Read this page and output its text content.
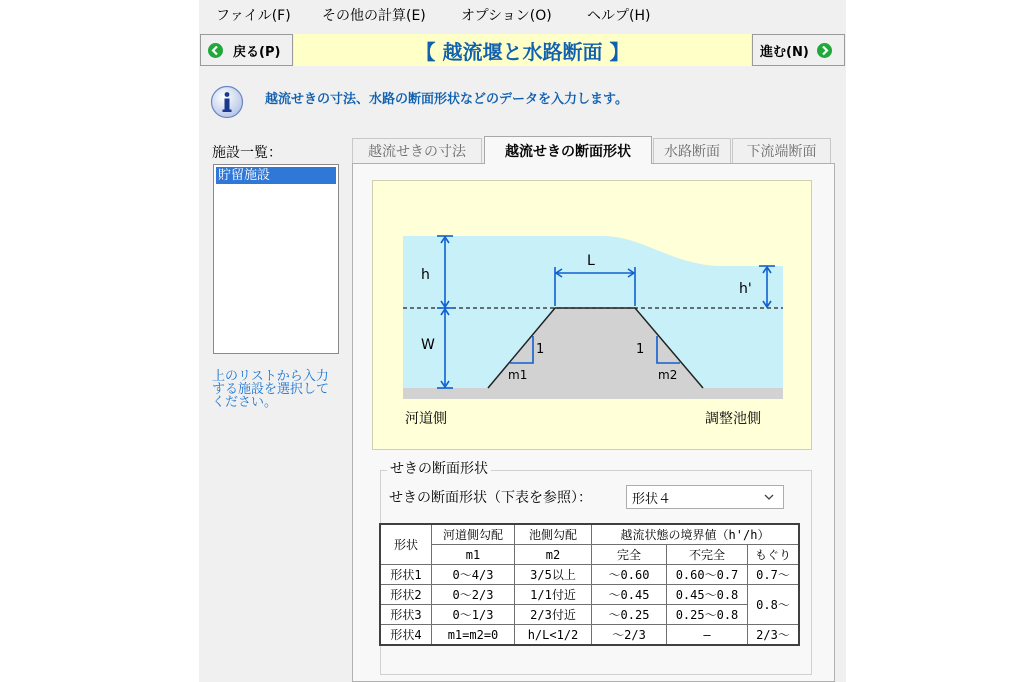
ファイル(F) その他の計算(E)	オプション(O)	ヘルプ(H)
戻る(P)	【 越流堰と水路断面 】	進む(N)
越流せきの寸法、水路の断面形状などのデータを入力します。
施設一覧：
貯留施設
上のリストから入力する施設を選択してください。
越流せきの寸法	越流せきの断面形状	水路断面	下流端断面
h
W
L
h'
1	1
m1	m2
河道側	調整池側
せきの断面形状
せきの断面形状（下表を参照）：	形状４
形状	河道側勾配	池側勾配	越流状態の境界値（h'/h）		
	m1	m2	完全	不完全	もぐり
形状1	0〜4/3	3/5以上	〜0.60	0.60〜0.7	0.7〜
形状2	0〜2/3	1/1付近	〜0.45	0.45〜0.8	0.8〜
形状3	0〜1/3	2/3付近	〜0.25	0.25〜0.8	
形状4	m1=m2=0	h/L<1/2	〜2/3	—	2/3〜
